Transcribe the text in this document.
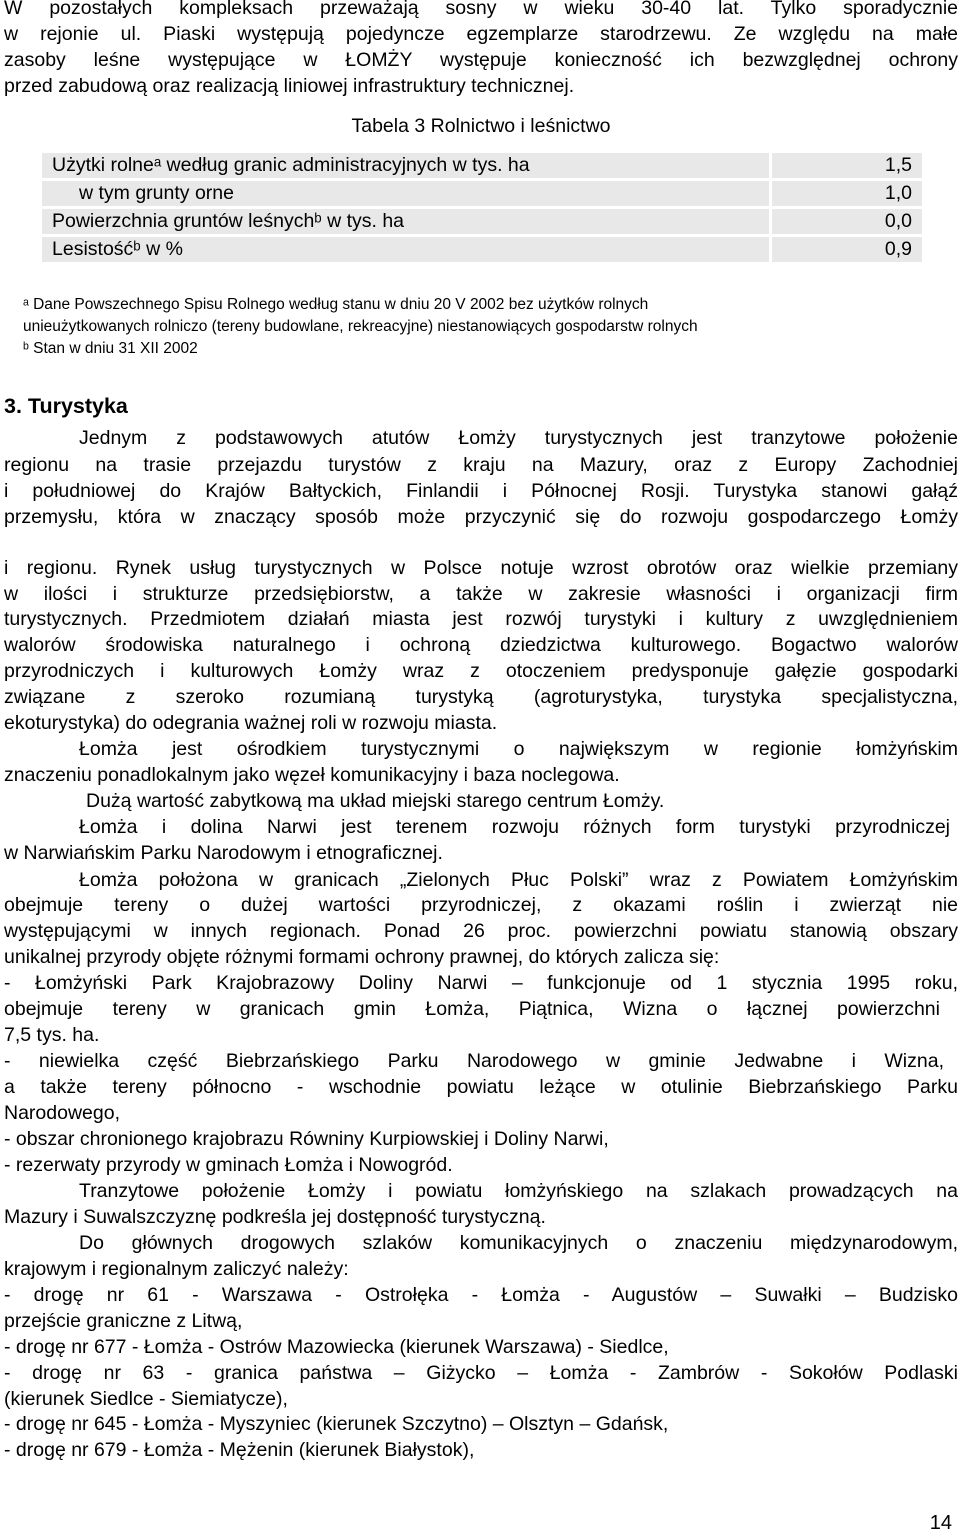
W pozostałych kompleksach przeważają sosny w wieku 30-40 lat. Tylko sporadycznie
w rejonie ul. Piaski występują pojedyncze egzemplarze starodrzewu. Ze względu na małe
zasoby leśne występujące w ŁOMŻY występuje konieczność ich bezwzględnej ochrony
przed zabudową oraz realizacją liniowej infrastruktury technicznej.
Tabela 3 Rolnictwo i leśnictwo
Użytki rolneᵃ według granic administracyjnych w tys. ha	1,5
w tym grunty orne	1,0
Powierzchnia gruntów leśnychᵇ w tys. ha	0,0
Lesistośćᵇ w %	0,9
ᵃ Dane Powszechnego Spisu Rolnego według stanu w dniu 20 V 2002 bez użytków rolnych
unieużytkowanych rolniczo (tereny budowlane, rekreacyjne) niestanowiących gospodarstw rolnych
ᵇ Stan w dniu 31 XII 2002
3. Turystyka
Jednym z podstawowych atutów Łomży turystycznych jest tranzytowe położenie
regionu na trasie przejazdu turystów z kraju na Mazury, oraz z Europy Zachodniej
i południowej do Krajów Bałtyckich, Finlandii i Północnej Rosji. Turystyka stanowi gałąź
przemysłu, która w znaczący sposób może przyczynić się do rozwoju gospodarczego Łomży
i regionu. Rynek usług turystycznych w Polsce notuje wzrost obrotów oraz wielkie przemiany
w ilości i strukturze przedsiębiorstw, a także w zakresie własności i organizacji firm
turystycznych. Przedmiotem działań miasta jest rozwój turystyki i kultury z uwzględnieniem
walorów środowiska naturalnego i ochroną dziedzictwa kulturowego. Bogactwo walorów
przyrodniczych i kulturowych Łomży wraz z otoczeniem predysponuje gałęzie gospodarki
związane z szeroko rozumianą turystyką (agroturystyka, turystyka specjalistyczna,
ekoturystyka) do odegrania ważnej roli w rozwoju miasta.
Łomża jest ośrodkiem turystycznymi o największym w regionie łomżyńskim
znaczeniu ponadlokalnym jako węzeł komunikacyjny i baza noclegowa.
Dużą wartość zabytkową ma układ miejski starego centrum Łomży.
Łomża i dolina Narwi jest terenem rozwoju różnych form turystyki przyrodniczej
w Narwiańskim Parku Narodowym i etnograficznej.
Łomża położona w granicach „Zielonych Płuc Polski” wraz z Powiatem Łomżyńskim
obejmuje tereny o dużej wartości przyrodniczej, z okazami roślin i zwierząt nie
występującymi w innych regionach. Ponad 26 proc. powierzchni powiatu stanowią obszary
unikalnej przyrody objęte różnymi formami ochrony prawnej, do których zalicza się:
- Łomżyński Park Krajobrazowy Doliny Narwi – funkcjonuje od 1 stycznia 1995 roku,
obejmuje tereny w granicach gmin Łomża, Piątnica, Wizna o łącznej powierzchni
7,5 tys. ha.
- niewielka część Biebrzańskiego Parku Narodowego w gminie Jedwabne i Wizna,
a także tereny północno - wschodnie powiatu leżące w otulinie Biebrzańskiego Parku
Narodowego,
- obszar chronionego krajobrazu Równiny Kurpiowskiej i Doliny Narwi,
- rezerwaty przyrody w gminach Łomża i Nowogród.
Tranzytowe położenie Łomży i powiatu łomżyńskiego na szlakach prowadzących na
Mazury i Suwalszczyznę podkreśla jej dostępność turystyczną.
Do głównych drogowych szlaków komunikacyjnych o znaczeniu międzynarodowym,
krajowym i regionalnym zaliczyć należy:
- drogę nr 61 - Warszawa - Ostrołęka - Łomża - Augustów – Suwałki – Budzisko
przejście graniczne z Litwą,
- drogę nr 677 - Łomża - Ostrów Mazowiecka (kierunek Warszawa) - Siedlce,
- drogę nr 63 - granica państwa – Giżycko – Łomża - Zambrów - Sokołów Podlaski
(kierunek Siedlce - Siemiatycze),
- drogę nr 645 - Łomża - Myszyniec (kierunek Szczytno) – Olsztyn – Gdańsk,
- drogę nr 679 - Łomża - Mężenin (kierunek Białystok),
14
